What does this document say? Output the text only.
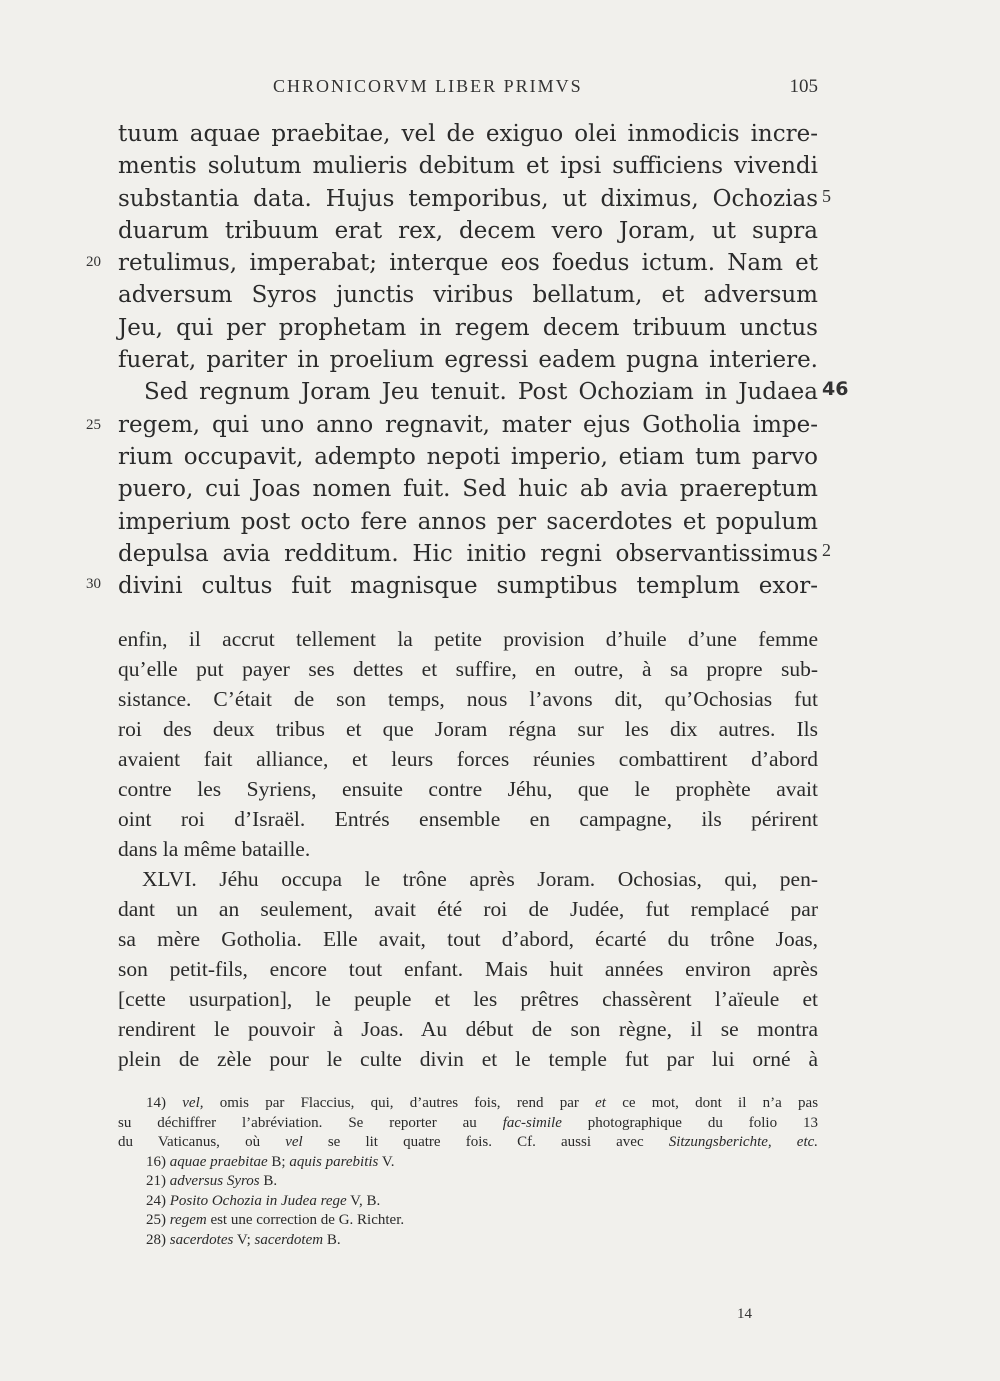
CHRONICORVM LIBER PRIMVS	105
tuum aquae praebitae, vel de exiguo olei inmodicis incre-
mentis solutum mulieris debitum et ipsi sufficiens vivendi
substantia data. Hujus temporibus, ut diximus, Ochozias
duarum tribuum erat rex, decem vero Joram, ut supra
retulimus, imperabat; interque eos foedus ictum. Nam et
adversum Syros junctis viribus bellatum, et adversum
Jeu, qui per prophetam in regem decem tribuum unctus
fuerat, pariter in proelium egressi eadem pugna interiere.
Sed regnum Joram Jeu tenuit. Post Ochoziam in Judaea
regem, qui uno anno regnavit, mater ejus Gotholia impe-
rium occupavit, adempto nepoti imperio, etiam tum parvo
puero, cui Joas nomen fuit. Sed huic ab avia praereptum
imperium post octo fere annos per sacerdotes et populum
depulsa avia redditum. Hic initio regni observantissimus
divini cultus fuit magnisque sumptibus templum exor-
20
25
30
5
46
2
enfin, il accrut tellement la petite provision d’huile d’une femme
qu’elle put payer ses dettes et suffire, en outre, à sa propre sub-
sistance. C’était de son temps, nous l’avons dit, qu’Ochosias fut
roi des deux tribus et que Joram régna sur les dix autres. Ils
avaient fait alliance, et leurs forces réunies combattirent d’abord
contre les Syriens, ensuite contre Jéhu, que le prophète avait
oint roi d’Israël. Entrés ensemble en campagne, ils périrent
dans la même bataille.
XLVI. Jéhu occupa le trône après Joram. Ochosias, qui, pen-
dant un an seulement, avait été roi de Judée, fut remplacé par
sa mère Gotholia. Elle avait, tout d’abord, écarté du trône Joas,
son petit-fils, encore tout enfant. Mais huit années environ après
[cette usurpation], le peuple et les prêtres chassèrent l’aïeule et
rendirent le pouvoir à Joas. Au début de son règne, il se montra
plein de zèle pour le culte divin et le temple fut par lui orné à
14) vel, omis par Flaccius, qui, d’autres fois, rend par et ce mot, dont il n’a pas
su déchiffrer l’abréviation. Se reporter au fac-simile photographique du folio 13
du Vaticanus, où vel se lit quatre fois. Cf. aussi avec Sitzungsberichte, etc.
16) aquae praebitae B; aquis parebitis V.
21) adversus Syros B.
24) Posito Ochozia in Judea rege V, B.
25) regem est une correction de G. Richter.
28) sacerdotes V; sacerdotem B.
14
